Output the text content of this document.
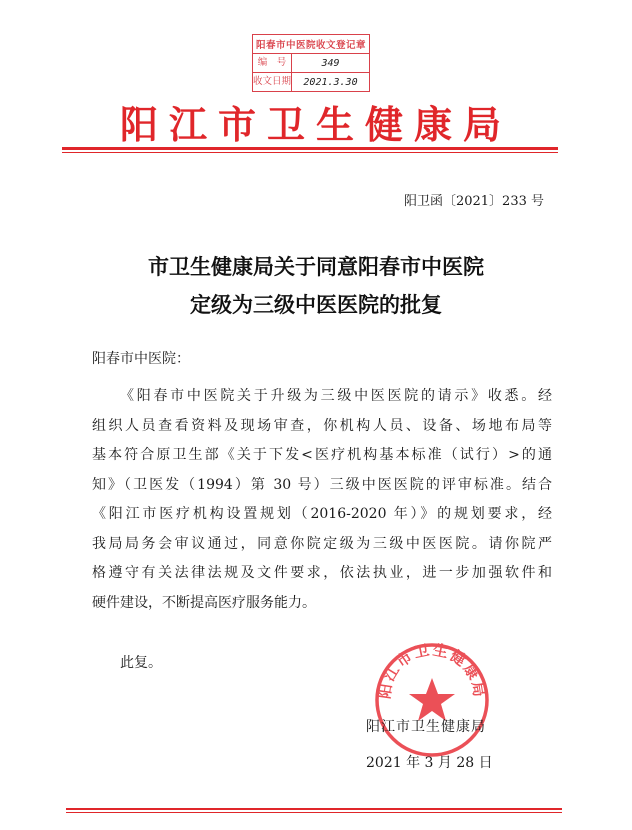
阳春市中医院收文登记章
编　号	349
收文日期	2021.3.30
阳江市卫生健康局
阳卫函〔2021〕233 号
市卫生健康局关于同意阳春市中医院
定级为三级中医医院的批复
阳春市中医院：
《阳春市中医院关于升级为三级中医医院的请示》收悉。经
组织人员查看资料及现场审查，你机构人员、设备、场地布局等
基本符合原卫生部《关于下发<医疗机构基本标准（试行）>的通
知》（卫医发（1994）第 30 号）三级中医医院的评审标准。结合
《阳江市医疗机构设置规划（2016-2020 年）》的规划要求，经
我局局务会审议通过，同意你院定级为三级中医医院。请你院严
格遵守有关法律法规及文件要求，依法执业，进一步加强软件和
硬件建设，不断提高医疗服务能力。
此复。
阳江市卫生健康局
阳江市卫生健康局
2021 年 3 月 28 日
